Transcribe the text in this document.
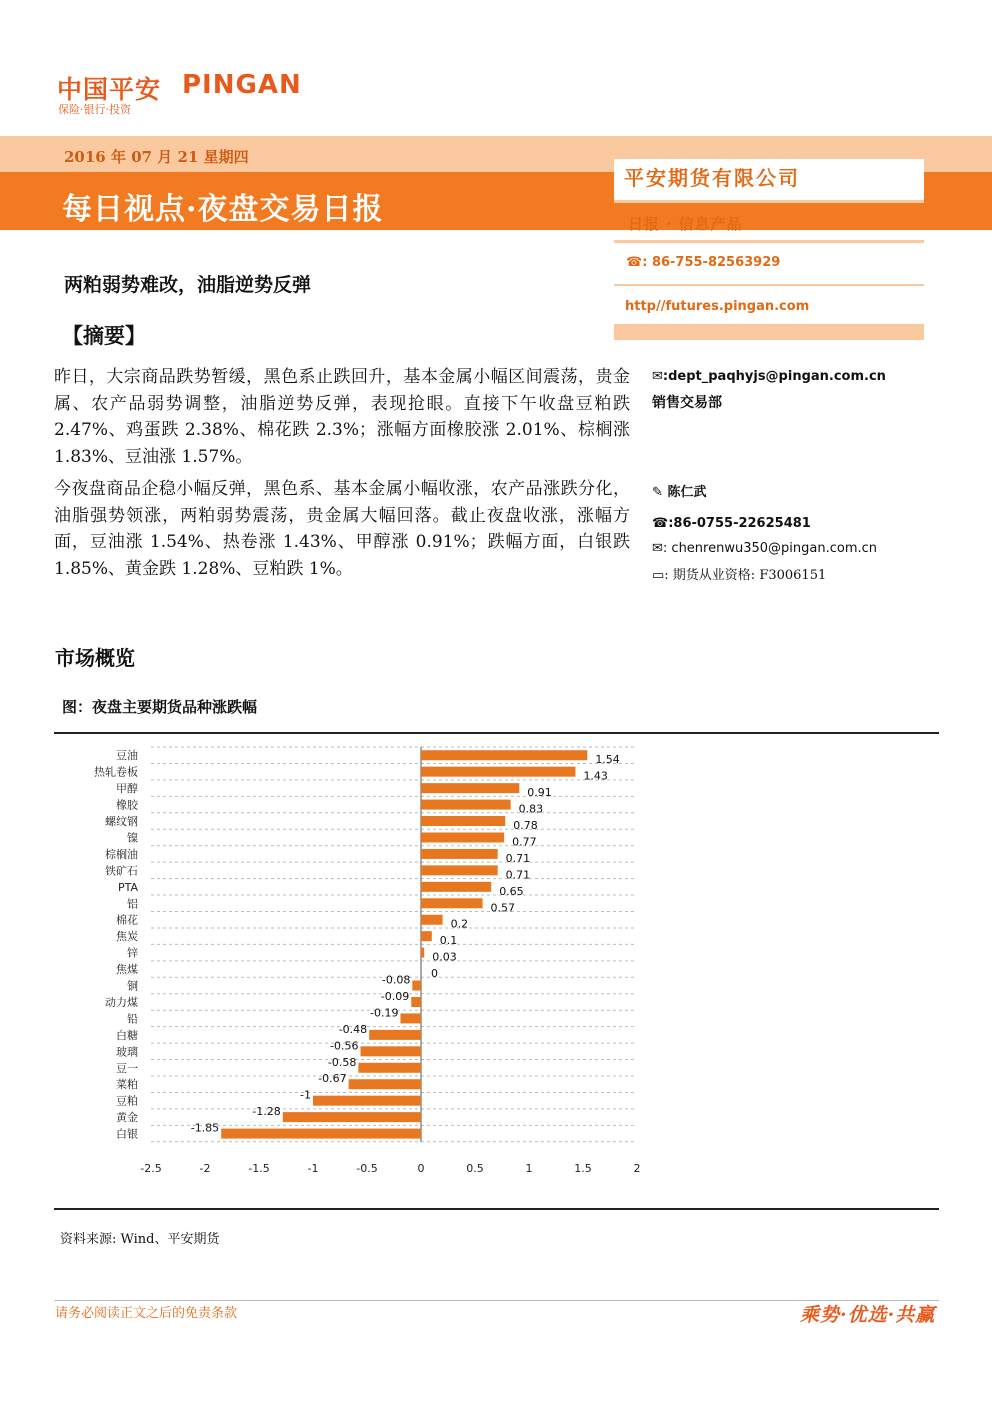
中国平安 PINGAN
保险·银行·投资
2016 年 07 月 21 星期四
每日视点·夜盘交易日报
平安期货有限公司
日报 · 信息产品
☎: 86-755-82563929
http//futures.pingan.com
两粕弱势难改，油脂逆势反弹
【摘要】
昨日，大宗商品跌势暂缓，黑色系止跌回升，基本金属小幅区间震荡，贵金属、农产品弱势调整，油脂逆势反弹，表现抢眼。直接下午收盘豆粕跌 2.47%、鸡蛋跌 2.38%、棉花跌 2.3%；涨幅方面橡胶涨 2.01%、棕榈涨 1.83%、豆油涨 1.57%。
今夜盘商品企稳小幅反弹，黑色系、基本金属小幅收涨，农产品涨跌分化，油脂强势领涨，两粕弱势震荡，贵金属大幅回落。截止夜盘收涨，涨幅方面，豆油涨 1.54%、热卷涨 1.43%、甲醇涨 0.91%；跌幅方面，白银跌 1.85%、黄金跌 1.28%、豆粕跌 1%。
✉:dept_paqhyjs@pingan.com.cn
销售交易部
✎ 陈仁武
☎:86-0755-22625481
✉: chenrenwu350@pingan.com.cn
▭: 期货从业资格: F3006151
市场概览
图：夜盘主要期货品种涨跌幅
1.54
1.43
0.91
0.83
0.78
0.77
0.71
0.71
0.65
0.57
0.2
0.1
0.03
0
-0.08
-0.09
-0.19
-0.48
-0.56
-0.58
-0.67
-1
-1.28
-1.85
豆油
热轧卷板
甲醇
橡胶
螺纹钢
镍
棕榈油
铁矿石
PTA
铝
棉花
焦炭
锌
焦煤
铜
动力煤
铅
白糖
玻璃
豆一
菜粕
豆粕
黄金
白银
-2.5	-2	-1.5	-1	-0.5	0	0.5	1	1.5	2
资料来源: Wind、平安期货
请务必阅读正文之后的免责条款	乘势·优选·共赢
